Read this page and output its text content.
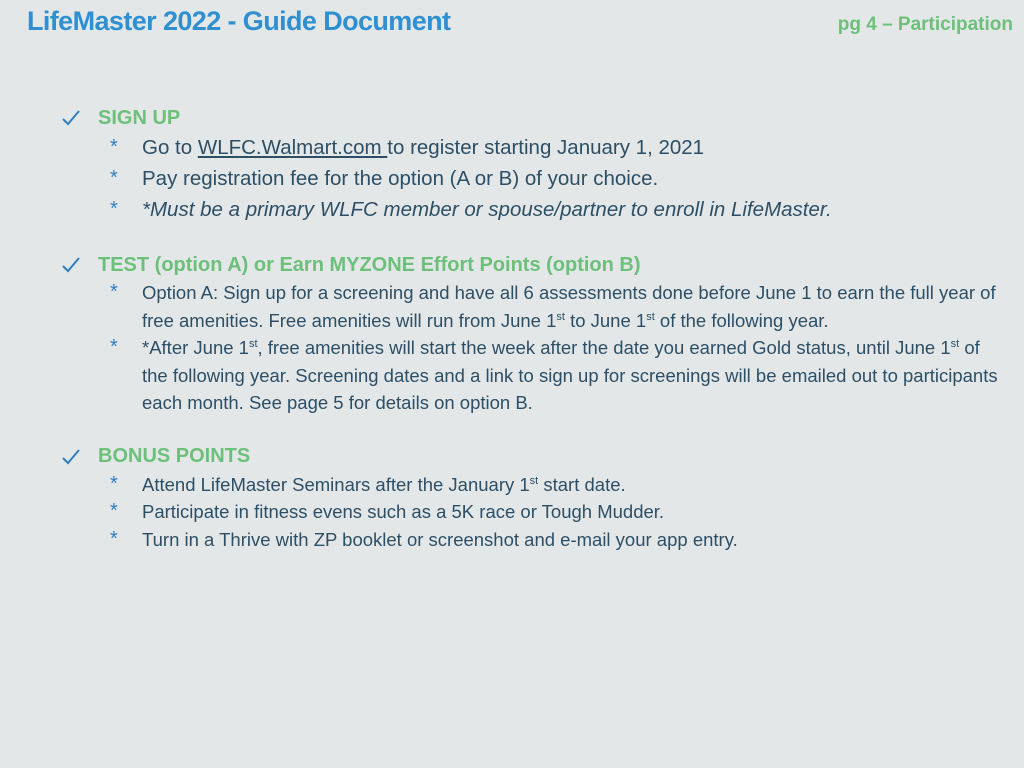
LifeMaster 2022 - Guide Document	pg 4 – Participation
SIGN UP
*	Go to WLFC.Walmart.com to register starting January 1, 2021
*	Pay registration fee for the option (A or B) of your choice.
*	*Must be a primary WLFC member or spouse/partner to enroll in LifeMaster.
TEST (option A) or Earn MYZONE Effort Points (option B)
*	Option A: Sign up for a screening and have all 6 assessments done before June 1 to earn the full year of free amenities. Free amenities will run from June 1st to June 1st of the following year.
*	*After June 1st, free amenities will start the week after the date you earned Gold status, until June 1st of the following year. Screening dates and a link to sign up for screenings will be emailed out to participants each month. See page 5 for details on option B.
BONUS POINTS
*	Attend LifeMaster Seminars after the January 1st start date.
*	Participate in fitness evens such as a 5K race or Tough Mudder.
*	Turn in a Thrive with ZP booklet or screenshot and e-mail your app entry.
